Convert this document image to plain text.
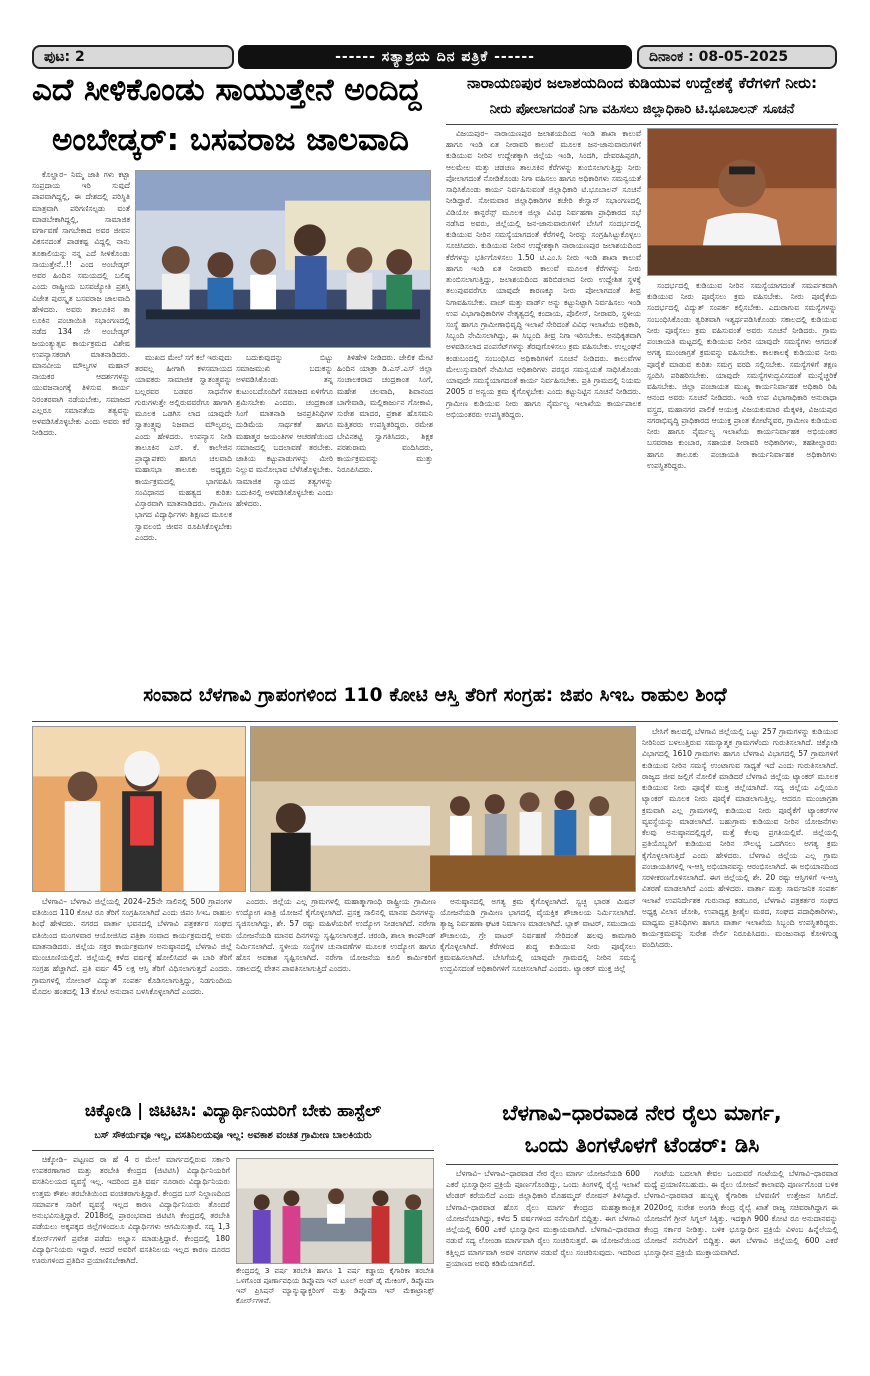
ಪುಟ: 2	------ ಸತ್ಯಾಶ್ರಯ ದಿನ ಪತ್ರಿಕೆ ------	ದಿನಾಂಕ : 08-05-2025
ಎದೆ ಸೀಳಿಕೊಂಡು ಸಾಯುತ್ತೇನೆ ಅಂದಿದ್ದ
ಅಂಬೇಡ್ಕರ್‌: ಬಸವರಾಜ ಜಾಲವಾದಿ

ಕೊಲ್ಹಾರ– ನಿಮ್ಮ ಜಾತಿ ಗಳು ಕಟ್ಟಾ ಸಂಪ್ರದಾಯ ಇರಿ ಸುವುದೆ ಪಾಪವಾಗಿದ್ದಲ್ಲಿ, ಈ ದೇಶದಲ್ಲಿ ಪರಿಸ್ಥಿತಿ ಮಾತ್ರವಾಗಿ ಪರಿಗಣಿಸಲ್ಪಡು ವಂತೆ ಮಾಡಬೇಕಾಗಿದ್ದಲ್ಲಿ, ಸಾಮಾಜಿಕ ವರ್ಗಾವಣೆ ಸಾಗಬೇಕಾದ ಅವರ ಜೀವನ ವಿಕಸನದಂತೆ ಪಾಡಕಷ್ಟ ವಿದ್ದಲ್ಲಿ ನಾನು ತೂಕಾಲಿಯನ್ನು ನನ್ನ ಎದೆ ಸೀಳಿಕೊಂಡು ಸಾಯುತ್ತೇನೆ..!! ಎಂದ ಅಂಬೇಡ್ಕರ್ ಅವರ ಹಿಂದಿನ ಸಮಯದಲ್ಲಿ ಬಲಿಷ್ಠ ಎಂದು ರಾಷ್ಟ್ರೀಯ ಬಸವಜ್ಯೋತಿ ಪ್ರಶಸ್ತಿ ವಿಜೇತ ಪುರಸ್ಕೃತ ಬಸವರಾಜ ಜಾಲವಾದಿ ಹೇಳಿದರು. ಅವರು ತಾಲೂಕಿನ ತಾ ಲೂಕಿನ ಪಂಚಾಯಿತಿ ಸಭಾಂಗಣದಲ್ಲಿ ನಡೆದ 134 ನೇ ಅಂಬೇಡ್ಕರ್ ಜಯಂತ್ಯುತ್ಸವ ಕಾರ್ಯಕ್ರಮದ ವಿಶೇಷ ಉಪನ್ಯಾಸಕರಾಗಿ ಮಾತನಾಡಿದರು. ಮಾನವೀಯ ಮೌಲ್ಯಗಳ ಮಹಾನ್ ನಾಯಕರ ಆದರ್ಶಗಳನ್ನು ಯುವಜನಾಂಗಕ್ಕೆ ತಿಳಿಸುವ ಕಾರ್ಯ ನಿರಂತರವಾಗಿ ನಡೆಯಬೇಕು, ಸಮಾಜದ ಎಲ್ಲರೂ ಸಮಾನತೆಯ ತತ್ವವನ್ನು ಅಳವಡಿಸಿಕೊಳ್ಳಬೇಕು ಎಂದು ಅವರು ಕರೆ ನೀಡಿದರು.

ಮುಖದ ಮೇಲೆ ಸಗೆ ಕಲೆ ಇರುವುದು ತರವಲ್ಲ ಹೀಗಾಗಿ ಕಳಸಮಾಯದ ಯಾವಕರು ಸಾಮಾಜಿಕ ಸ್ವಾತಂತ್ರ್ಯವನ್ನು ಬಲ್ಲರವರ ಬಡವರ ಸಾಧನೆಗಳ ಗುರುಗಳುತ್ತೇ ಅಲ್ಲಿರುವವರೆಗೂ ಹಾಗಾಗಿ ಮೂಲಕ ಒಡಗಿಸ ಲಾದ ಯಾವುದೇ ಸ್ವಾತಂತ್ರ್ಯವು ನಿಜವಾದ ಮೌಲ್ಯವಲ್ಲ ಎಂದು ಹೇಳಿದರು. ಉಪನ್ಯಾಸ ನೀಡಿ ತಾಲೂಕಿನ ಎಸ್. ಕೆ. ಕಾಲೇಜಿನ ಪ್ರಾಧ್ಯಾಪಕರು ಹಾಗೂ ಚಲವಾದಿ ಮಹಾಸಭಾ ತಾಲೂಕು ಅಧ್ಯಕ್ಷರು ಕಾರ್ಯಕ್ರಮದಲ್ಲಿ ಭಾಗವಹಿಸಿ ಸಂವಿಧಾನದ ಮಹತ್ವದ ಕುರಿತು ವಿಸ್ತಾರವಾಗಿ ಮಾತನಾಡಿದರು. ಗ್ರಾಮೀಣ ಭಾಗದ ವಿದ್ಯಾರ್ಥಿಗಳು ಶಿಕ್ಷಣದ ಮೂಲಕ ಸ್ವಾವಲಂಬಿ ಜೀವನ ರೂಪಿಸಿಕೊಳ್ಳಬೇಕು ಎಂದರು.

ಬದುಕುವುದನ್ನು ಬಿಟ್ಟು ಸಮಾಜಮುಖಿ ಬದುಕನ್ನು ಅಳವಡಿಸಿಕೊಂಡು ತನ್ನ ಕುಟುಂಬದೊಂದಿಗೆ ಸಮಾಜದ ಏಳಿಗೆಗೂ ಶ್ರಮಿಸಬೇಕು ಎಂದರು. ಚಂದ್ರಕಾಂತ ಸಿಂಗೆ ಮಾತನಾಡಿ ಜನಪ್ರತಿನಿಧಿಗಳ ದುಡಿಮೆಯ ಸಾರ್ಥಕತೆ ಹಾಗೂ ಮಹಾತ್ಮರ ಜಯಂತಿಗಳ ಆಚರಣೆಯಿಂದ ಸಮಾಜದಲ್ಲಿ ಬದಲಾವಣೆ ತರಬೇಕು. ಜಾತಿಯ ಕಟ್ಟುಪಾಡುಗಳನ್ನು ಮೀರಿ ನಿಲ್ಲುವ ಮನೋಭಾವ ಬೆಳೆಸಿಕೊಳ್ಳಬೇಕು. ಸಾಮಾಜಿಕ ನ್ಯಾಯದ ತತ್ವಗಳನ್ನು ಬದುಕಿನಲ್ಲಿ ಅಳವಡಿಸಿಕೊಳ್ಳಬೇಕು ಎಂದು ಹೇಳಿದರು.

ತಿಳಿಹೇಳಿ ನೀಡಿದರು. ಜೇಲಿಕ ಮೇಟಿ ಹಿಂದಿನ ಯಾತ್ರಾ ಡಿ.ಎಸ್.ಎಸ್ ಜಿಲ್ಲಾ ಸಂಚಾಲಕರಾದ ಚಂದ್ರಕಾಂತ ಸಿಂಗೆ, ಮಹೇಶ ಚಲವಾದಿ, ಶಿವಾನಂದ ಬಾಗೇವಾಡಿ, ಮಲ್ಲಿಕಾರ್ಜುನ ಗೋಕಾವಿ, ಸುರೇಶ ಮಾದರ, ಪ್ರಕಾಶ ಹೊಸಮನಿ ಮತ್ತಿತರರು ಉಪಸ್ಥಿತರಿದ್ದರು. ರಮೇಶ ಬೇವಿನಕಟ್ಟಿ ಸ್ವಾಗತಿಸಿದರು, ಶಿಕ್ಷಕ ಪರಶುರಾಮ ವಂದಿಸಿದರು, ಕಾರ್ಯಕ್ರಮವನ್ನು ಮುತ್ತು ನಿರೂಪಿಸಿದರು.

ನಾರಾಯಣಪುರ ಜಲಾಶಯದಿಂದ ಕುಡಿಯುವ ಉದ್ದೇಶಕ್ಕೆ ಕೆರೆಗಳಿಗೆ ನೀರು:
ನೀರು ಪೋಲಾಗದಂತೆ ನಿಗಾ ವಹಿಸಲು ಜಿಲ್ಲಾಧಿಕಾರಿ ಟಿ.ಭೂಬಾಲನ್‌ ಸೂಚನೆ

ವಿಜಯಪುರ– ನಾರಾಯಣಪುರ ಜಲಾಶಯದಿಂದ ಇಂಡಿ ಶಾಖಾ ಕಾಲುವೆ ಹಾಗೂ ಇಂಡಿ ಏತ ನೀರಾವರಿ ಕಾಲುವೆ ಮೂಲಕ ಜನ-ಜಾನುವಾರುಗಳಿಗೆ ಕುಡಿಯುವ ನೀರಿನ ಉದ್ದೇಶಕ್ಕಾಗಿ ಜಿಲ್ಲೆಯ ಇಂಡಿ, ಸಿಂದಗಿ, ದೇವರಹಿಪ್ಪರಗಿ, ಆಲಮೇಲ ಮತ್ತು ಚಡಚಣ ತಾಲೂಕಿನ ಕೆರೆಗಳನ್ನು ತುಂಬಿಸಲಾಗುತ್ತಿದ್ದು ನೀರು ಪೋಲಾಗದಂತೆ ನೋಡಿಕೊಂಡು ನಿಗಾ ವಹಿಸಲು ಹಾಗೂ ಅಧಿಕಾರಿಗಳು ಸಮನ್ವಯತೆ ಸಾಧಿಸಿಕೊಂಡು ಕಾರ್ಯ ನಿರ್ವಹಿಸುವಂತೆ ಜಿಲ್ಲಾಧಿಕಾರಿ ಟಿ.ಭೂಬಾಲನ್ ಸೂಚನೆ ನೀಡಿದ್ದಾರೆ. ಸೋಮವಾರ ಜಿಲ್ಲಾಧಿಕಾರಿಗಳ ಕಚೇರಿ ಕೇಸ್ವಾನ್ ಸಭಾಂಗಣದಲ್ಲಿ ವಿಡಿಯೋ ಕಾನ್ಫರೆನ್ಸ್ ಮೂಲಕ ಜಿಲ್ಲಾ ವಿವಿಧ ನಿರ್ವಹಣಾ ಪ್ರಾಧಿಕಾರದ ಸಭೆ ನಡೆಸಿದ ಅವರು, ಜಿಲ್ಲೆಯಲ್ಲಿ ಜನ-ಜಾನುವಾರುಗಳಿಗೆ ಬೇಸಿಗೆ ಸಂದರ್ಭದಲ್ಲಿ ಕುಡಿಯುವ ನೀರಿನ ಸಮಸ್ಯೆಯಾಗದಂತೆ ಕೆರೆಗಳಲ್ಲಿ ನೀರನ್ನು ಸಂಗ್ರಹಿಸಿಟ್ಟುಕೊಳ್ಳಲು ಸೂಚಿಸಿದರು. ಕುಡಿಯುವ ನೀರಿನ ಉದ್ದೇಶಕ್ಕಾಗಿ ನಾರಾಯಣಪುರ ಜಲಾಶಯದಿಂದ ಕೆರೆಗಳನ್ನು ಭರ್ತಿಗೊಳಿಸಲು 1.50 ಟಿ.ಎಂ.ಸಿ ನೀರು ಇಂಡಿ ಶಾಖಾ ಕಾಲುವೆ ಹಾಗೂ ಇಂಡಿ ಏತ ನೀರಾವರಿ ಕಾಲುವೆ ಮೂಲಕ ಕೆರೆಗಳನ್ನು ನೀರು ತುಂಬಿಸಲಾಗುತ್ತಿದ್ದು, ಜಲಾಶಯದಿಂದ ಹರಿಬಿಡಲಾದ ನೀರು ಉದ್ದೇಶಿತ ಸ್ಥಳಕ್ಕೆ ತಲುಪುವವರೆಗೂ ಯಾವುದೇ ಕಾರಣಕ್ಕೂ ನೀರು ಪೋಲಾಗದಂತೆ ತೀವ್ರ ನಿಗಾವಹಿಸಬೇಕು. ವಾಚ್ ಮತ್ತು ವಾರ್ಡ್ ಅನ್ನು ಕಟ್ಟುನಿಟ್ಟಾಗಿ ನಿರ್ವಹಿಸಲು ಇಂಡಿ ಉಪ ವಿಭಾಗಾಧಿಕಾರಿಗಳ ನೇತೃತ್ವದಲ್ಲಿ ಕಂದಾಯ, ಪೊಲೀಸ್, ನೀರಾವರಿ, ಸ್ಥಳೀಯ ಸಂಸ್ಥೆ ಹಾಗೂ ಗ್ರಾಮೀಣಾಭಿವೃದ್ಧಿ ಇಲಾಖೆ ಸೇರಿದಂತೆ ವಿವಿಧ ಇಲಾಖೆಯ ಅಧಿಕಾರಿ, ಸಿಬ್ಬಂದಿ ನೇಮಿಸಲಾಗಿದ್ದು, ಈ ಸಿಬ್ಬಂದಿ ತೀವ್ರ ನಿಗಾ ಇರಿಸಬೇಕು. ಅನಧಿಕೃತವಾಗಿ ಅಳವಡಿಸಲಾದ ಪಂಪಸೆಟ್‌ಗಳನ್ನು ತೆರವುಗೊಳಿಸಲು ಕ್ರಮ ವಹಿಸಬೇಕು. ಉಲ್ಲಂಘನೆ ಕಂಡುಬಂದಲ್ಲಿ ಸಂಬಂಧಿಸಿದ ಅಧಿಕಾರಿಗಳಿಗೆ ಸೂಚನೆ ನೀಡಿದರು. ಕಾಲುವೆಗಳ ಮೇಲುಸ್ತುವಾರಿಗೆ ನೇಮಿಸಿದ ಅಧಿಕಾರಿಗಳು ಪರಸ್ಪರ ಸಮನ್ವಯತೆ ಸಾಧಿಸಿಕೊಂಡು ಯಾವುದೇ ಸಮಸ್ಯೆಯಾಗದಂತೆ ಕಾರ್ಯ ನಿರ್ವಹಿಸಬೇಕು. ಪ್ರತಿ ಗ್ರಾಮದಲ್ಲಿ ನಿಯಮ 2005 ರ ಅನ್ವಯ ಕ್ರಮ ಕೈಗೊಳ್ಳಬೇಕು ಎಂದು ಕಟ್ಟುನಿಟ್ಟಿನ ಸೂಚನೆ ನೀಡಿದರು. ಗ್ರಾಮೀಣ ಕುಡಿಯುವ ನೀರು ಹಾಗೂ ನೈರ್ಮಲ್ಯ ಇಲಾಖೆಯ ಕಾರ್ಯಪಾಲಕ ಅಭಿಯಂತರರು ಉಪಸ್ಥಿತರಿದ್ದರು.

ಸಂದರ್ಭದಲ್ಲಿ ಕುಡಿಯುವ ನೀರಿನ ಸಮಸ್ಯೆಯಾಗದಂತೆ ಸಮರ್ಪಕವಾಗಿ ಕುಡಿಯುವ ನೀರು ಪೂರೈಸಲು ಕ್ರಮ ವಹಿಸಬೇಕು. ನೀರು ಪೂರೈಕೆಯ ಸಂದರ್ಭದಲ್ಲಿ ವಿದ್ಯುತ್ ಸಂಪರ್ಕ ಕಲ್ಪಿಸಬೇಕು. ಎದುರಾಗುವ ಸಮಸ್ಯೆಗಳನ್ನು ಸಂಬಂಧಿಸಿಕೊಂಡು ತ್ವರಿತವಾಗಿ ಇತ್ಯರ್ಥಪಡಿಸಿಕೊಂಡು ಸಕಾಲದಲ್ಲಿ ಕುಡಿಯುವ ನೀರು ಪೂರೈಸಲು ಕ್ರಮ ವಹಿಸುವಂತೆ ಅವರು ಸೂಚನೆ ನೀಡಿದರು. ಗ್ರಾಮ ಪಂಚಾಯತಿ ಮಟ್ಟದಲ್ಲಿ ಕುಡಿಯುವ ನೀರಿನ ಯಾವುದೇ ಸಮಸ್ಯೆಗಳು ಆಗದಂತೆ ಅಗತ್ಯ ಮುಂಜಾಗ್ರತೆ ಕ್ರಮವನ್ನು ವಹಿಸಬೇಕು. ಕಾಲಕಾಲಕ್ಕೆ ಕುಡಿಯುವ ನೀರು ಪೂರೈಕೆ ಮಾಡುವ ಕುರಿತು ಸಮಗ್ರ ವರದಿ ಸಲ್ಲಿಸಬೇಕು. ಸಮಸ್ಯೆಗಳಿಗೆ ತಕ್ಷಣ ಸ್ಪಂದಿಸಿ ಪರಿಹರಿಸಬೇಕು. ಯಾವುದೇ ಸಮಸ್ಯೆಗಳುದ್ಭವಿಸದಂತೆ ಮುನ್ನೆಚ್ಚರಿಕೆ ವಹಿಸಬೇಕು. ಜಿಲ್ಲಾ ಪಂಚಾಯತ ಮುಖ್ಯ ಕಾರ್ಯನಿರ್ವಾಹಕ ಅಧಿಕಾರಿ ರಿಷಿ ಆನಂದ ಅವರು ಸೂಚನೆ ನೀಡಿದರು. ಇಂಡಿ ಉಪ ವಿಭಾಗಾಧಿಕಾರಿ ಅನುರಾಧಾ ವಸ್ತ್ರದ, ಮಹಾನಗರ ಪಾಲಿಕೆ ಆಯುಕ್ತ ವಿಜಯಕುಮಾರ ಮೆಕ್ಕಳಕಿ, ವಿಜಯಪುರ ನಗರಾಭಿವೃದ್ಧಿ ಪ್ರಾಧಿಕಾರದ ಆಯುಕ್ತ ಪ್ರಾಂತ ಕೋಟೆನ್ನವರ, ಗ್ರಾಮೀಣ ಕುಡಿಯುವ ನೀರು ಹಾಗೂ ನೈರ್ಮಲ್ಯ ಇಲಾಖೆಯ ಕಾರ್ಯನಿರ್ವಾಹಕ ಅಭಿಯಂತರ ಬಸವರಾಜ ಕುಂಬಾರ, ಸಹಾಯಕ ನೀರಾವರಿ ಅಧಿಕಾರಿಗಳು, ತಹಶೀಲ್ದಾರರು ಹಾಗೂ ತಾಲೂಕು ಪಂಚಾಯತಿ ಕಾರ್ಯನಿರ್ವಾಹಕ ಅಧಿಕಾರಿಗಳು ಉಪಸ್ಥಿತರಿದ್ದರು.

ಸಂವಾದ ಬೆಳಗಾವಿ ಗ್ರಾಪಂಗಳಿಂದ 110 ಕೋಟಿ ಆಸ್ತಿ ತೆರಿಗೆ ಸಂಗ್ರಹ: ಜಿಪಂ ಸಿಇಒ ರಾಹುಲ ಶಿಂಧೆ

ಬೇಸಿಗೆ ಕಾಲದಲ್ಲಿ ಬೆಳಗಾವಿ ಜಿಲ್ಲೆಯಲ್ಲಿ ಒಟ್ಟು 257 ಗ್ರಾಮಗಳನ್ನು ಕುಡಿಯುವ ನೀರಿನಿಂದ ಬಳಲುತ್ತಿರುವ ಸಮಸ್ಯಾತ್ಮಕ ಗ್ರಾಮಗಳೆಂದು ಗುರುತಿಸಲಾಗಿದೆ. ಚಿಕ್ಕೋಡಿ ವಿಭಾಗದಲ್ಲಿ 1610 ಗ್ರಾಮಗಳು ಹಾಗೂ ಬೆಳಗಾವಿ ವಿಭಾಗದಲ್ಲಿ 57 ಗ್ರಾಮಗಳಿಗೆ ಕುಡಿಯುವ ನೀರಿನ ಸಮಸ್ಯೆ ಉಂಟಾಗುವ ಸಾಧ್ಯತೆ ಇದೆ ಎಂದು ಗುರುತಿಸಲಾಗಿದೆ. ರಾಜ್ಯದ ಜೀವ ಜಲ್ಲಿಗೆ ನೋಲಿಕೆ ಮಾಡಿದರೆ ಬೆಳಗಾವಿ ಜಿಲ್ಲೆಯ ಟ್ಯಾಂಕರ್ ಮೂಲಕ ಕುಡಿಯುವ ನೀರು ಪೂರೈಕೆ ಮುಕ್ತ ಜಿಲ್ಲೆಯಾಗಿದೆ. ಸದ್ಯ ಜಿಲ್ಲೆಯ ಎಲ್ಲಿಯೂ ಟ್ಯಾಂಕರ್ ಮೂಲಕ ನೀರು ಪೂರೈಕೆ ಮಾಡಲಾಗುತ್ತಿಲ್ಲ. ಆದರೂ ಮುಂಜಾಗ್ರತಾ ಕ್ರಮವಾಗಿ ಎಲ್ಲ ಗ್ರಾಮಗಳಲ್ಲಿ ಕುಡಿಯುವ ನೀರು ಪೂರೈಕೆಗೆ ಟ್ಯಾಂಕರ್‌ಗಳ ವ್ಯವಸ್ಥೆಯನ್ನು ಮಾಡಲಾಗಿದೆ. ಬಹುಗ್ರಾಮ ಕುಡಿಯುವ ನೀರಿನ ಯೋಜನೆಗಳು ಕೆಲವು ಅನುಷ್ಠಾನದಲ್ಲಿದ್ದರೆ, ಮತ್ತೆ ಕೆಲವು ಪ್ರಗತಿಯಲ್ಲಿವೆ. ಜಿಲ್ಲೆಯಲ್ಲಿ ಪ್ರತಿಯೊಬ್ಬರಿಗೆ ಕುಡಿಯುವ ನೀರಿನ ಸೌಲಭ್ಯ ಒದಗಿಸಲು ಅಗತ್ಯ ಕ್ರಮ ಕೈಗೊಳ್ಳಲಾಗುತ್ತಿದೆ ಎಂದು ಹೇಳಿದರು. ಬೆಳಗಾವಿ ಜಿಲ್ಲೆಯ ಎಲ್ಲ ಗ್ರಾಮ ಪಂಚಾಯತಿಗಳಲ್ಲಿ ಇ-ಆಸ್ತಿ ಅಭಿಯಾನವನ್ನು ಆರಂಭಿಸಲಾಗಿದೆ. ಈ ಅಭಿಯಾನದಿಂದ ಸರಳೀಕರಣಗೊಳಿಸಲಾಗಿದೆ. ಈಗ ಜಿಲ್ಲೆಯಲ್ಲಿ ಶೇ. 20 ರಷ್ಟು ಆಸ್ತಿಗಳಿಗೆ ಇ-ಆಸ್ತಿ ವಿತರಣೆ ಮಾಡಲಾಗಿದೆ ಎಂದು ಹೇಳಿದರು. ವಾರ್ತಾ ಮತ್ತು ಸಾರ್ವಜನಿಕ ಸಂಪರ್ಕ ಇಲಾಖೆ ಉಪನಿರ್ದೇಶಕ ಗುರುನಾಥ ಕಡಬೂರ, ಬೆಳಗಾವಿ ಪತ್ರಕರ್ತರ ಸಂಘದ ಅಧ್ಯಕ್ಷ ವಿಲಾಸ ಜೋಶಿ, ಉಪಾಧ್ಯಕ್ಷ ಶ್ರೀಶೈಲ ಮಠದ, ಸಂಘದ ಪದಾಧಿಕಾರಿಗಳು, ಮಾಧ್ಯಮ ಪ್ರತಿನಿಧಿಗಳು ಹಾಗೂ ವಾರ್ತಾ ಇಲಾಖೆಯ ಸಿಬ್ಬಂದಿ ಉಪಸ್ಥಿತರಿದ್ದರು. ಕಾರ್ಯಕ್ರಮವನ್ನು ಸುರೇಶ ನೇರ್ಲಿ ನಿರೂಪಿಸಿದರು. ಮಂಜುನಾಥ ಕೋಳಿಗುಡ್ಡ ವಂದಿಸಿದರು.

ಬೆಳಗಾವಿ– ಬೆಳಗಾವಿ ಜಿಲ್ಲೆಯಲ್ಲಿ 2024–25ನೇ ಸಾಲಿನಲ್ಲಿ 500 ಗ್ರಾಪಂಗಳ ವತಿಯಿಂದ 110 ಕೋಟಿ ರೂ ತೆರಿಗೆ ಸಂಗ್ರಹಿಸಲಾಗಿದೆ ಎಂದು ಜಿಪಂ ಸಿಇಒ ರಾಹುಲ ಶಿಂಧೆ ಹೇಳಿದರು. ನಗರದ ವಾರ್ತಾ ಭವನದಲ್ಲಿ ಬೆಳಗಾವಿ ಪತ್ರಕರ್ತರ ಸಂಘದ ವತಿಯಿಂದ ಮಂಗಳವಾರ ಆಯೋಜಿಸಿದ ಪತ್ರಿಕಾ ಸಂವಾದ ಕಾರ್ಯಕ್ರಮದಲ್ಲಿ ಅವರು ಮಾತನಾಡಿದರು. ಜಿಲ್ಲೆಯ ಸಕ್ತರ ಕಾರ್ಯಕ್ರಮಗಳ ಅನುಷ್ಠಾನದಲ್ಲಿ ಬೆಳಗಾವಿ ಜಿಲ್ಲೆ ಮುಂಚೂಣಿಯಲ್ಲಿದೆ. ಜಿಲ್ಲೆಯಲ್ಲಿ ಕಳೆದ ವರ್ಷಕ್ಕೆ ಹೋಲಿಸಿದರೆ ಈ ಬಾರಿ ತೆರಿಗೆ ಸಂಗ್ರಹ ಹೆಚ್ಚಾಗಿದೆ. ಪ್ರತಿ ವರ್ಷ 45 ಲಕ್ಷ ಆಸ್ತಿ ತೆರಿಗೆ ವಿಧಿಸಲಾಗುತ್ತದೆ ಎಂದರು. ಗ್ರಾಮಗಳಲ್ಲಿ ಸೋಲಾರ್ ವಿದ್ಯುತ್ ಸಂಪರ್ಕ ಕೊಡಿಸಲಾಗುತ್ತಿದ್ದು, ನಿಡಗುಂದಿಯ ಮೊದಲ ಹಂತದಲ್ಲಿ 13 ಕೋಟಿ ಅನುದಾನ ಬಳಸಿಕೊಳ್ಳಲಾಗಿದೆ ಎಂದರು.

ಎಂದರು. ಜಿಲ್ಲೆಯ ಎಲ್ಲ ಗ್ರಾಮಗಳಲ್ಲಿ ಮಹಾತ್ಮಾಗಾಂಧಿ ರಾಷ್ಟ್ರೀಯ ಗ್ರಾಮೀಣ ಉದ್ಯೋಗ ಖಾತ್ರಿ ಯೋಜನೆ ಕೈಗೊಳ್ಳಲಾಗಿದೆ. ಪ್ರಸಕ್ತ ಸಾಲಿನಲ್ಲಿ ಮಾನವ ದಿನಗಳನ್ನು ಸೃಜಿಸಲಾಗಿದ್ದು, ಶೇ. 57 ರಷ್ಟು ಮಹಿಳೆಯರಿಗೆ ಉದ್ಯೋಗ ನೀಡಲಾಗಿದೆ. ನರೇಗಾ ಯೋಜನೆಯಡಿ ಮಾನವ ದಿನಗಳನ್ನು ಸೃಷ್ಟಿಸಲಾಗುತ್ತದೆ. ಚರಂಡಿ, ಶಾಲಾ ಕಾಂಪೌಂಡ್ ನಿರ್ಮಿಸಲಾಗಿದೆ. ಸ್ಥಳೀಯ ಸಂಸ್ಥೆಗಳ ಚುನಾವಣೆಗಳ ಮೂಲಕ ಉದ್ಯೋಗ ಹಾಗೂ ಹೊಸ ಅವಕಾಶ ಸೃಷ್ಟಿಸಲಾಗಿದೆ. ನರೇಗಾ ಯೋಜನೆಯ ಕೂಲಿ ಕಾರ್ಮಿಕರಿಗೆ ಸಕಾಲದಲ್ಲಿ ವೇತನ ಪಾವತಿಸಲಾಗುತ್ತಿದೆ ಎಂದರು.

ಅನುಷ್ಠಾನದಲ್ಲಿ ಅಗತ್ಯ ಕ್ರಮ ಕೈಗೊಳ್ಳಲಾಗಿದೆ. ಸ್ವಚ್ಛ ಭಾರತ ಮಿಷನ್ ಯೋಜನೆಯಡಿ ಗ್ರಾಮೀಣ ಭಾಗದಲ್ಲಿ ವೈಯಕ್ತಿಕ ಶೌಚಾಲಯ ನಿರ್ಮಿಸಲಾಗಿದೆ. ತ್ಯಾಜ್ಯ ನಿರ್ವಹಣಾ ಘಟಕ ನಿರ್ಮಾಣ ಮಾಡಲಾಗಿದೆ. ಬ್ಲಾಕ್ ವಾಟರ್, ಸಮುದಾಯ ಶೌಚಾಲಯ, ಗ್ರೇ ವಾಟರ್ ನಿರ್ವಹಣೆ ಸೇರಿದಂತೆ ಹಲವು ಕಾಮಗಾರಿ ಕೈಗೊಳ್ಳಲಾಗಿದೆ. ಕೆರೆಗಳಿಂದ ಶುದ್ಧ ಕುಡಿಯುವ ನೀರು ಪೂರೈಸಲು ಕ್ರಮವಹಿಸಲಾಗಿದೆ. ಬೇಸಿಗೆಯಲ್ಲಿ ಯಾವುದೇ ಗ್ರಾಮದಲ್ಲಿ ನೀರಿನ ಸಮಸ್ಯೆ ಉದ್ಭವಿಸದಂತೆ ಅಧಿಕಾರಿಗಳಿಗೆ ಸೂಚಿಸಲಾಗಿದೆ ಎಂದರು. ಟ್ಯಾಂಕರ್ ಮುಕ್ತ ಜಿಲ್ಲೆ

ಚಿಕ್ಕೋಡಿ | ಜಿಟಿಟಿಸಿ: ವಿದ್ಯಾರ್ಥಿನಿಯರಿಗೆ ಬೇಕು ಹಾಸ್ಟೆಲ್‌
ಬಸ್ ಸೌಕರ್ಯವೂ ಇಲ್ಲ, ವಸತಿನಿಲಯವೂ ಇಲ್ಲ: ಅವಕಾಶ ವಂಚಿತ ಗ್ರಾಮೀಣ ಬಾಲಕಿಯರು

ಚಿಕ್ಕೋಡಿ– ಪಟ್ಟಣದ ರಾ ಹೆ 4 ರ ಮೇಲೆ ಮಾರ್ಗದಲ್ಲಿರುವ ಸರ್ಕಾರಿ ಉಪಕರಣಾಗಾರ ಮತ್ತು ತರಬೇತಿ ಕೇಂದ್ರದ (ಜಿಟಿಟಿಸಿ) ವಿದ್ಯಾರ್ಥಿನಿಯರಿಗೆ ವಸತಿನಿಲಯದ ವ್ಯವಸ್ಥೆ ಇಲ್ಲ. ಇದರಿಂದ ಪ್ರತಿ ವರ್ಷ ನೂರಾರು ವಿದ್ಯಾರ್ಥಿನಿಯರು ಉತ್ತಮ ಕೌಶಲ ತರಬೇತಿಯಿಂದ ವಂಚಿತರಾಗುತ್ತಿದ್ದಾರೆ. ಕೇಂದ್ರದ ಬಸ್ ನಿಲ್ದಾಣದಿಂದ ಸಮಾರ್ಪಕ ಸಾರಿಗೆ ವ್ಯವಸ್ಥೆ ಇಲ್ಲದ ಕಾರಣ ವಿದ್ಯಾರ್ಥಿನಿಯರು ತೊಂದರೆ ಅನುಭವಿಸುತ್ತಿದ್ದಾರೆ. 2018ರಲ್ಲಿ ಪ್ರಾರಂಭವಾದ ಜಿಟಿಟಿಸಿ ಕೇಂದ್ರದಲ್ಲಿ ತರಬೇತಿ ಪಡೆಯಲು ಅಕ್ಕಪಕ್ಕದ ಜಿಲ್ಲೆಗಳಿಂದಲೂ ವಿದ್ಯಾರ್ಥಿಗಳು ಆಗಮಿಸುತ್ತಾರೆ. ಸದ್ಯ 1,3 ಕೋರ್ಸ್‌ಗಳಿಗೆ ಪ್ರವೇಶ ಪಡೆದು ಅಭ್ಯಾಸ ಮಾಡುತ್ತಿದ್ದಾರೆ. ಕೇಂದ್ರದಲ್ಲಿ 180 ವಿದ್ಯಾರ್ಥಿನಿಯರು ಇದ್ದಾರೆ. ಆದರೆ ಅವರಿಗೆ ವಸತಿನಿಲಯ ಇಲ್ಲದ ಕಾರಣ ದೂರದ ಊರುಗಳಿಂದ ಪ್ರತಿದಿನ ಪ್ರಯಾಣಿಸಬೇಕಾಗಿದೆ.

ಕೇಂದ್ರದಲ್ಲಿ 3 ವರ್ಷ ತರಬೇತಿ ಹಾಗೂ 1 ವರ್ಷ ಕಡ್ಡಾಯ ಕೈಗಾರಿಕಾ ತರಬೇತಿ ಒಳಗೊಂಡ ಪೂರ್ಣಾವಧಿಯ ಡಿಪ್ಲೊಮಾ ಇನ್ ಟೂಲ್ ಅಂಡ್ ಡೈ ಮೇಕಿಂಗ್, ಡಿಪ್ಲೊಮಾ ಇನ್ ಪ್ರಿಸಿಷನ್ ಮ್ಯಾನ್ಯುಫ್ಯಾಕ್ಚರಿಂಗ್ ಮತ್ತು ಡಿಪ್ಲೊಮಾ ಇನ್ ಮೆಕಾಟ್ರಾನಿಕ್ಸ್ ಕೋರ್ಸ್‌ಗಳಿವೆ.
ಬೆಳಗಾವಿ–ಧಾರವಾಡ ನೇರ ರೈಲು ಮಾರ್ಗ,
ಒಂದು ತಿಂಗಳೊಳಗೆ ಟೆಂಡರ್: ಡಿಸಿ

ಬೆಳಗಾವಿ– ಬೆಳಗಾವಿ–ಧಾರವಾಡ ನೇರ ರೈಲು ಮಾರ್ಗ ಯೋಜನೆಯಡಿ 600 ಎಕರೆ ಭೂಸ್ವಾಧೀನ ಪ್ರಕ್ರಿಯೆ ಪೂರ್ಣಗೊಂಡಿದ್ದು, ಒಂದು ತಿಂಗಳಲ್ಲಿ ರೈಲ್ವೆ ಇಲಾಖೆ ಟೆಂಡರ್ ಕರೆಯಲಿದೆ ಎಂದು ಜಿಲ್ಲಾಧಿಕಾರಿ ಮೊಹಮ್ಮದ್ ರೋಷನ್ ತಿಳಿಸಿದ್ದಾರೆ. ಬೆಳಗಾವಿ–ಧಾರವಾಡ ಹೊಸ ರೈಲು ಮಾರ್ಗ ಕೇಂದ್ರದ ಮಹತ್ವಾಕಾಂಕ್ಷಿತ ಯೋಜನೆಯಾಗಿದ್ದು, ಕಳೆದ 5 ವರ್ಷಗಳಿಂದ ನನೆಗುದಿಗೆ ಬಿದ್ದಿತ್ತು. ಈಗ ಬೆಳಗಾವಿ ಜಿಲ್ಲೆಯಲ್ಲಿ 600 ಎಕರೆ ಭೂಸ್ವಾಧೀನ ಮುಕ್ತಾಯವಾಗಿದೆ. ಬೆಳಗಾವಿ–ಧಾರವಾಡ ನಡುವೆ ಸದ್ಯ ಲೋಂಡಾ ಮಾರ್ಗವಾಗಿ ರೈಲು ಸಂಚರಿಸುತ್ತವೆ. ಈ ಯೋಜನೆಯಿಂದ ಕತ್ತಿಲ್ಲದ ಮಾರ್ಗವಾಗಿ ಅವಳಿ ನಗರಗಳ ನಡುವೆ ರೈಲು ಸಂಚರಿಸುವುದು. ಇದರಿಂದ ಪ್ರಯಾಣದ ಅವಧಿ ಕಡಿಮೆಯಾಗಲಿದೆ.

ಗಂಟೆಯ ಬದಲಾಗಿ ಕೇವಲ ಒಂದುವರೆ ಗಂಟೆಯಲ್ಲಿ ಬೆಳಗಾವಿ–ಧಾರವಾಡ ಮಧ್ಯೆ ಪ್ರಯಾಣಿಸಬಹುದು. ಈ ರೈಲು ಯೋಜನೆ ಕಾಲಾವಧಿ ಪೂರ್ಣಗೊಂಡ ಬಳಿಕ ಬೆಳಗಾವಿ–ಧಾರವಾಡ ಹುಬ್ಬಳ್ಳಿ ಕೈಗಾರಿಕಾ ಬೆಳವಣಿಗೆ ಉತ್ತೇಜನ ಸಿಗಲಿದೆ. 2020ರಲ್ಲಿ ಸುರೇಶ ಅಂಗಡಿ ಕೇಂದ್ರ ರೈಲ್ವೆ ಖಾತೆ ರಾಜ್ಯ ಸಚಿವರಾಗಿದ್ದಾಗ ಈ ಯೋಜನೆಗೆ ಗ್ರೀನ್ ಸಿಗ್ನಲ್ ಸಿಕ್ಕಿತ್ತು. ಇದಕ್ಕಾಗಿ 900 ಕೋಟಿ ರೂ ಅನುದಾನವನ್ನು ಕೇಂದ್ರ ಸರ್ಕಾರ ನೀಡಿತ್ತು. ಬಳಿಕ ಭೂಸ್ವಾಧೀನ ಪ್ರಕ್ರಿಯೆ ವಿಳಂಬ ಹಿನ್ನೆಲೆಯಲ್ಲಿ ಯೋಜನೆ ನನೆಗುದಿಗೆ ಬಿದ್ದಿತ್ತು. ಈಗ ಬೆಳಗಾವಿ ಜಿಲ್ಲೆಯಲ್ಲಿ 600 ಎಕರೆ ಭೂಸ್ವಾಧೀನ ಪ್ರಕ್ರಿಯೆ ಮುಕ್ತಾಯವಾಗಿದೆ.
